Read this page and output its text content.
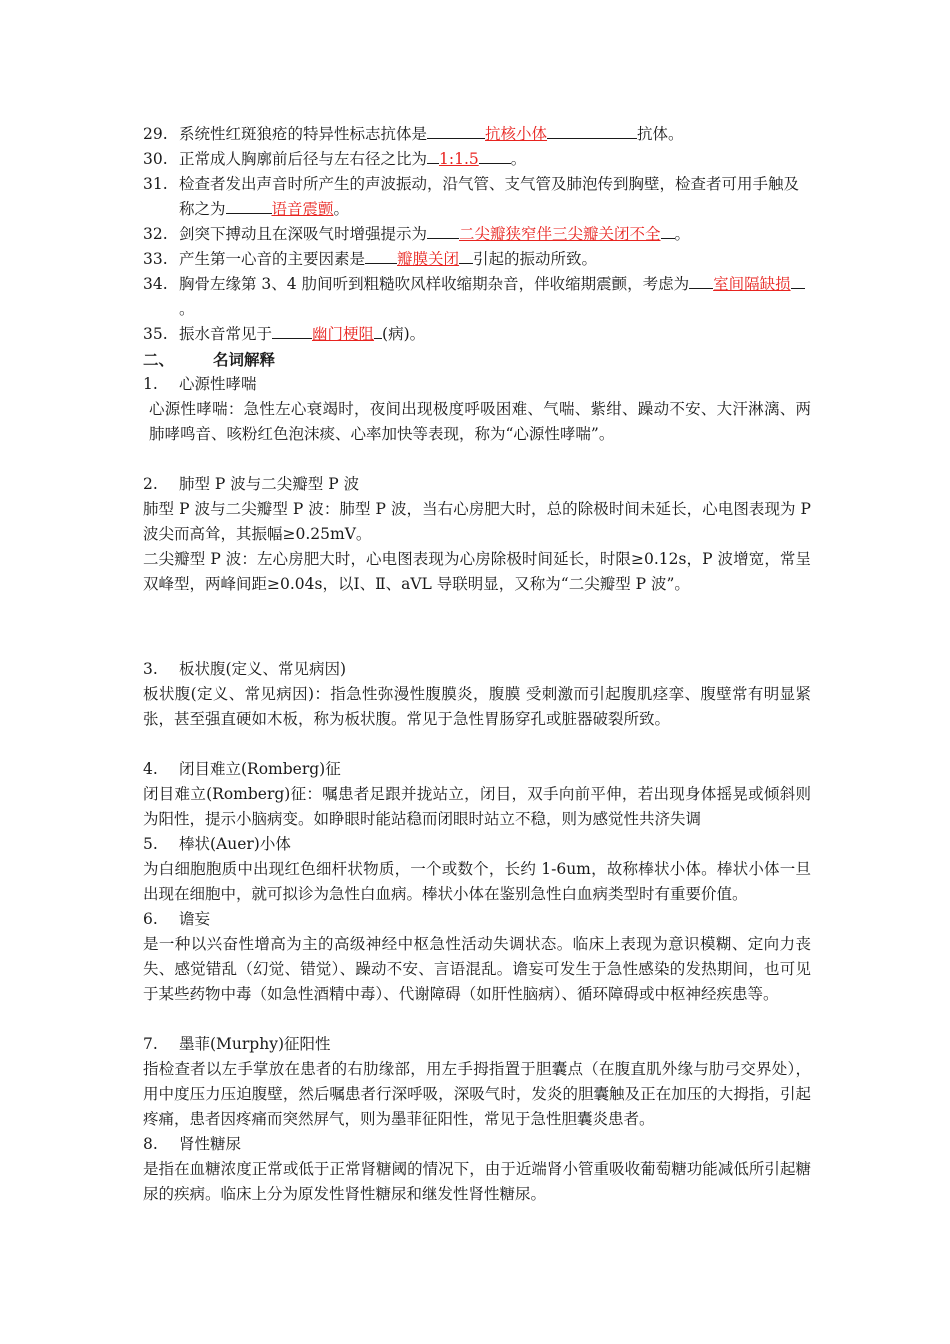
29. 系统性红斑狼疮的特异性标志抗体是	抗核小体	抗体。
30. 正常成人胸廓前后径与左右径之比为 1:1.5 。
31. 检查者发出声音时所产生的声波振动，沿气管、支气管及肺泡传到胸壁，检查者可用手触及称之为	语音震颤。
32. 剑突下搏动且在深吸气时增强提示为 二尖瓣狭窄伴三尖瓣关闭不全 。
33. 产生第一心音的主要因素是 瓣膜关闭 引起的振动所致。
34. 胸骨左缘第 3、4 肋间听到粗糙吹风样收缩期杂音，伴收缩期震颤，考虑为 室间隔缺损。
35. 振水音常见于	幽门梗阻 (病)。
二、	名词解释
1.	心源性哮喘
心源性哮喘：急性左心衰竭时，夜间出现极度呼吸困难、气喘、紫绀、躁动不安、大汗淋漓、两肺哮鸣音、咳粉红色泡沫痰、心率加快等表现，称为“心源性哮喘”。
2.	肺型 P 波与二尖瓣型 P 波
肺型 P 波与二尖瓣型 P 波：肺型 P 波，当右心房肥大时，总的除极时间未延长，心电图表现为 P 波尖而高耸，其振幅≥0.25mV。
二尖瓣型 P 波：左心房肥大时，心电图表现为心房除极时间延长，时限≥0.12s，P 波增宽，常呈双峰型，两峰间距≥0.04s，以Ⅰ、Ⅱ、aVL 导联明显，又称为“二尖瓣型 P 波”。
3.	板状腹(定义、常见病因)
板状腹(定义、常见病因)：指急性弥漫性腹膜炎，腹膜 受刺激而引起腹肌痉挛、腹壁常有明显紧张，甚至强直硬如木板，称为板状腹。常见于急性胃肠穿孔或脏器破裂所致。
4.	闭目难立(Romberg)征
闭目难立(Romberg)征：嘱患者足跟并拢站立，闭目，双手向前平伸，若出现身体摇晃或倾斜则为阳性，提示小脑病变。如睁眼时能站稳而闭眼时站立不稳，则为感觉性共济失调
5.	棒状(Auer)小体
为白细胞胞质中出现红色细杆状物质，一个或数个，长约 1-6um，故称棒状小体。棒状小体一旦出现在细胞中，就可拟诊为急性白血病。棒状小体在鉴别急性白血病类型时有重要价值。
6.	谵妄
是一种以兴奋性增高为主的高级神经中枢急性活动失调状态。临床上表现为意识模糊、定向力丧失、感觉错乱（幻觉、错觉）、躁动不安、言语混乱。谵妄可发生于急性感染的发热期间，也可见于某些药物中毒（如急性酒精中毒）、代谢障碍（如肝性脑病）、循环障碍或中枢神经疾患等。
7.	墨菲(Murphy)征阳性
指检查者以左手掌放在患者的右肋缘部，用左手拇指置于胆囊点（在腹直肌外缘与肋弓交界处），用中度压力压迫腹壁，然后嘱患者行深呼吸，深吸气时，发炎的胆囊触及正在加压的大拇指，引起疼痛，患者因疼痛而突然屏气，则为墨菲征阳性，常见于急性胆囊炎患者。
8.	肾性糖尿
是指在血糖浓度正常或低于正常肾糖阈的情况下，由于近端肾小管重吸收葡萄糖功能减低所引起糖尿的疾病。临床上分为原发性肾性糖尿和继发性肾性糖尿。
